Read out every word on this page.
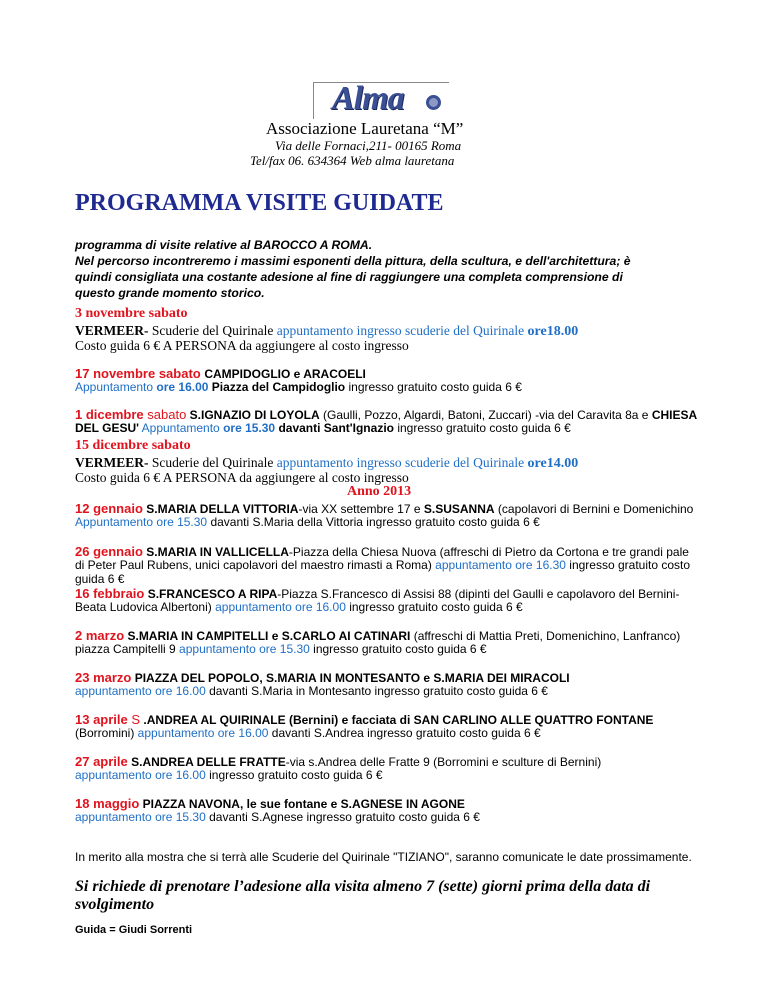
Alma
Associazione Lauretana “M”
Via delle Fornaci,211- 00165 Roma
Tel/fax 06. 634364 Web alma lauretana
PROGRAMMA VISITE GUIDATE
programma di visite relative al BAROCCO A ROMA.
Nel percorso incontreremo i massimi esponenti della pittura, della scultura, e dell'architettura; è
quindi consigliata una costante adesione al fine di raggiungere una completa comprensione di
questo grande momento storico.
3 novembre sabato
VERMEER- Scuderie del Quirinale appuntamento ingresso scuderie del Quirinale ore18.00
Costo guida 6 € A PERSONA da aggiungere al costo ingresso
17 novembre sabato CAMPIDOGLIO e ARACOELI
Appuntamento ore 16.00 Piazza del Campidoglio ingresso gratuito costo guida 6 €
1 dicembre sabato S.IGNAZIO DI LOYOLA (Gaulli, Pozzo, Algardi, Batoni, Zuccari) -via del Caravita 8a e CHIESA
DEL GESU' Appuntamento ore 15.30 davanti Sant'Ignazio ingresso gratuito costo guida 6 €
15 dicembre sabato
VERMEER- Scuderie del Quirinale appuntamento ingresso scuderie del Quirinale ore14.00
Costo guida 6 € A PERSONA da aggiungere al costo ingresso
Anno 2013
12 gennaio S.MARIA DELLA VITTORIA-via XX settembre 17 e S.SUSANNA (capolavori di Bernini e Domenichino
Appuntamento ore 15.30 davanti S.Maria della Vittoria ingresso gratuito costo guida 6 €
26 gennaio S.MARIA IN VALLICELLA-Piazza della Chiesa Nuova (affreschi di Pietro da Cortona e tre grandi pale
di Peter Paul Rubens, unici capolavori del maestro rimasti a Roma) appuntamento ore 16.30 ingresso gratuito costo
guida 6 €
16 febbraio S.FRANCESCO A RIPA-Piazza S.Francesco di Assisi 88 (dipinti del Gaulli e capolavoro del Bernini-
Beata Ludovica Albertoni) appuntamento ore 16.00 ingresso gratuito costo guida 6 €
2 marzo S.MARIA IN CAMPITELLI e S.CARLO AI CATINARI (affreschi di Mattia Preti, Domenichino, Lanfranco)
piazza Campitelli 9 appuntamento ore 15.30 ingresso gratuito costo guida 6 €
23 marzo PIAZZA DEL POPOLO, S.MARIA IN MONTESANTO e S.MARIA DEI MIRACOLI
appuntamento ore 16.00 davanti S.Maria in Montesanto ingresso gratuito costo guida 6 €
13 aprile S .ANDREA AL QUIRINALE (Bernini) e facciata di SAN CARLINO ALLE QUATTRO FONTANE
(Borromini) appuntamento ore 16.00 davanti S.Andrea ingresso gratuito costo guida 6 €
27 aprile S.ANDREA DELLE FRATTE-via s.Andrea delle Fratte 9 (Borromini e sculture di Bernini)
appuntamento ore 16.00 ingresso gratuito costo guida 6 €
18 maggio PIAZZA NAVONA, le sue fontane e S.AGNESE IN AGONE
appuntamento ore 15.30 davanti S.Agnese ingresso gratuito costo guida 6 €
In merito alla mostra che si terrà alle Scuderie del Quirinale "TIZIANO", saranno comunicate le date prossimamente.
Si richiede di prenotare l’adesione alla visita almeno 7 (sette) giorni prima della data di
svolgimento
Guida = Giudi Sorrenti
